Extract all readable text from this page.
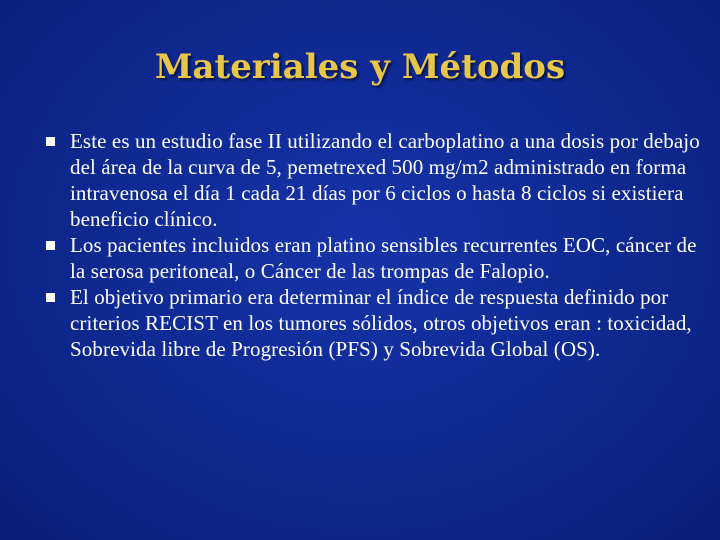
Materiales y Métodos
Este es un estudio fase II utilizando el carboplatino a una dosis por debajo del área de la curva de 5, pemetrexed 500 mg/m2 administrado en forma intravenosa el día 1 cada 21 días por 6 ciclos o hasta 8 ciclos si existiera beneficio clínico.
Los pacientes incluidos eran platino sensibles recurrentes EOC, cáncer de la serosa peritoneal, o Cáncer de las trompas de Falopio.
El objetivo primario era determinar el índice de respuesta definido por criterios RECIST en los tumores sólidos, otros objetivos eran : toxicidad, Sobrevida libre de Progresión (PFS) y Sobrevida Global (OS).
